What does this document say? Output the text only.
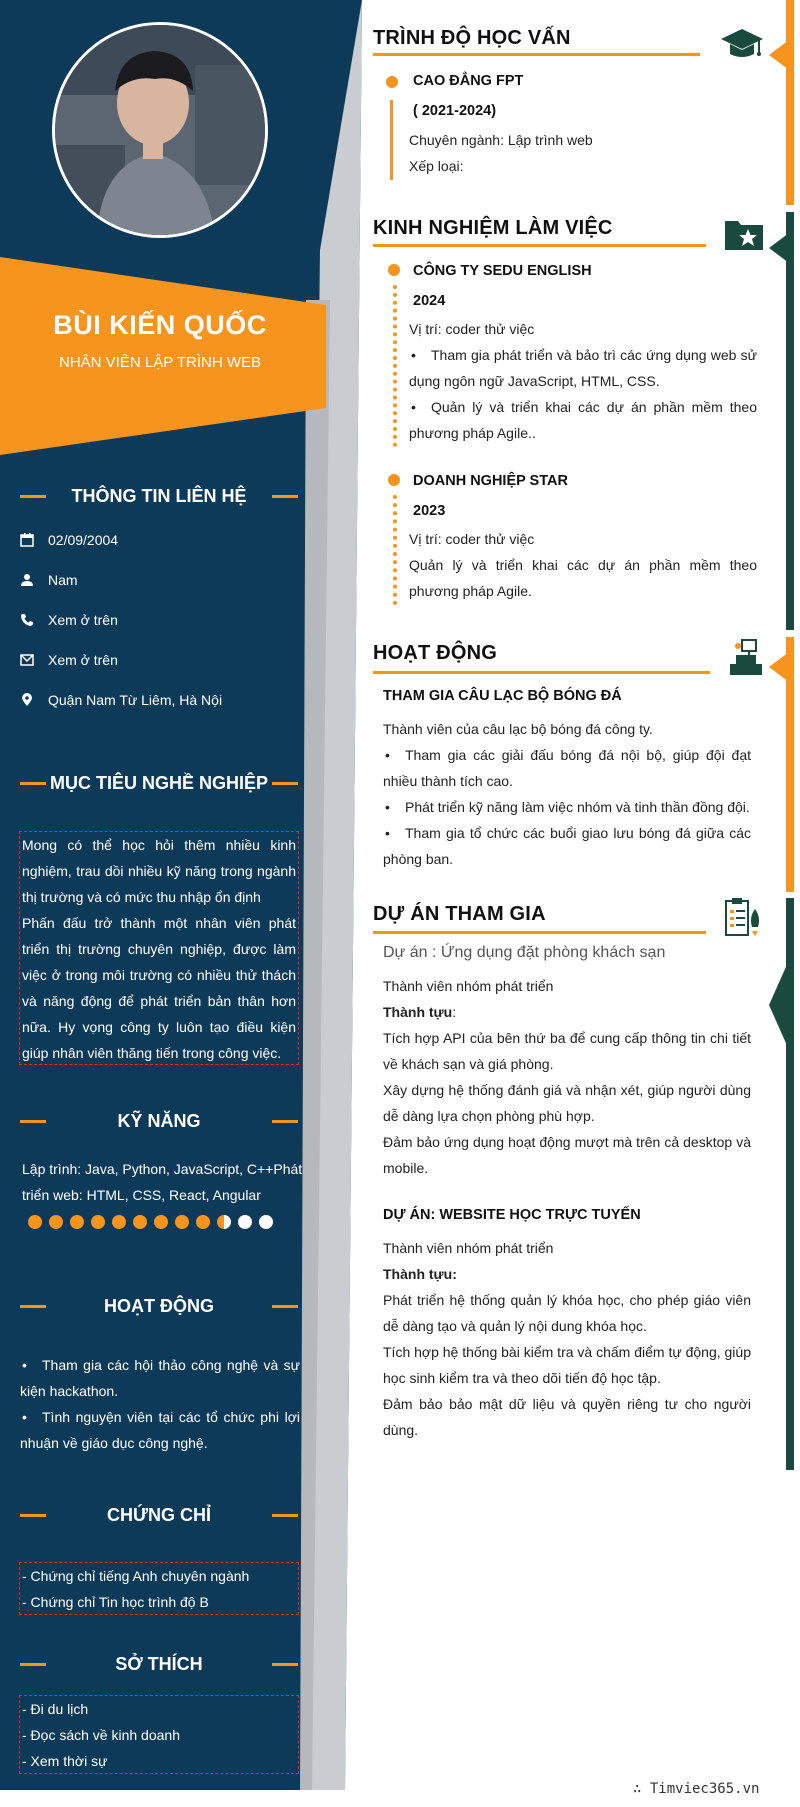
BÙI KIẾN QUỐC
NHÂN VIÊN LẬP TRÌNH WEB
THÔNG TIN LIÊN HỆ
02/09/2004
Nam
Xem ở trên
Xem ở trên
Quận Nam Từ Liêm, Hà Nội
MỤC TIÊU NGHỀ NGHIỆP

Mong có thể học hỏi thêm nhiều kinh nghiệm, trau dồi nhiều kỹ năng trong ngành thị trường và có mức thu nhập ổn định

Phấn đấu trở thành một nhân viên phát triển thị trường chuyên nghiệp, được làm việc ở trong môi trường có nhiều thử thách và năng động để phát triển bản thân hơn nữa. Hy vọng công ty luôn tạo điều kiện giúp nhân viên thăng tiến trong công việc.

KỸ NĂNG
Lập trình: Java, Python, JavaScript, C++Phát triển web: HTML, CSS, React, Angular
HOẠT ĐỘNG
• Tham gia các hội thảo công nghệ và sự kiện hackathon.
• Tình nguyện viên tại các tổ chức phi lợi nhuận về giáo dục công nghệ.
CHỨNG CHỈ

- Chứng chỉ tiếng Anh chuyên ngành

- Chứng chỉ Tin học trình độ B

SỞ THÍCH

- Đi du lịch

- Đọc sách về kinh doanh

- Xem thời sự

TRÌNH ĐỘ HỌC VẤN
CAO ĐẲNG FPT
( 2021-2024)
Chuyên ngành: Lập trình web
Xếp loại:
KINH NGHIỆM LÀM VIỆC
CÔNG TY SEDU ENGLISH
2024

Vị trí: coder thử việc

• Tham gia phát triển và bảo trì các ứng dụng web sử dụng ngôn ngữ JavaScript, HTML, CSS.
• Quản lý và triển khai các dự án phần mềm theo phương pháp Agile..
DOANH NGHIỆP STAR
2023

Vị trí: coder thử việc

Quản lý và triển khai các dự án phần mềm theo phương pháp Agile.

HOẠT ĐỘNG
THAM GIA CÂU LẠC BỘ BÓNG ĐÁ

Thành viên của câu lạc bộ bóng đá công ty.

• Tham gia các giải đấu bóng đá nội bộ, giúp đội đạt nhiều thành tích cao.
• Phát triển kỹ năng làm việc nhóm và tinh thần đồng đội.
• Tham gia tổ chức các buổi giao lưu bóng đá giữa các phòng ban.
DỰ ÁN THAM GIA
Dự án : Ứng dụng đặt phòng khách sạn

Thành viên nhóm phát triển

Thành tựu:

Tích hợp API của bên thứ ba để cung cấp thông tin chi tiết về khách sạn và giá phòng.

Xây dựng hệ thống đánh giá và nhận xét, giúp người dùng dễ dàng lựa chọn phòng phù hợp.

Đảm bảo ứng dụng hoạt động mượt mà trên cả desktop và mobile.

DỰ ÁN: WEBSITE HỌC TRỰC TUYẾN

Thành viên nhóm phát triển

Thành tựu:

Phát triển hệ thống quản lý khóa học, cho phép giáo viên dễ dàng tạo và quản lý nội dung khóa học.

Tích hợp hệ thống bài kiểm tra và chấm điểm tự động, giúp học sinh kiểm tra và theo dõi tiến độ học tập.

Đảm bảo bảo mật dữ liệu và quyền riêng tư cho người dùng.

∴ Timviec365.vn
